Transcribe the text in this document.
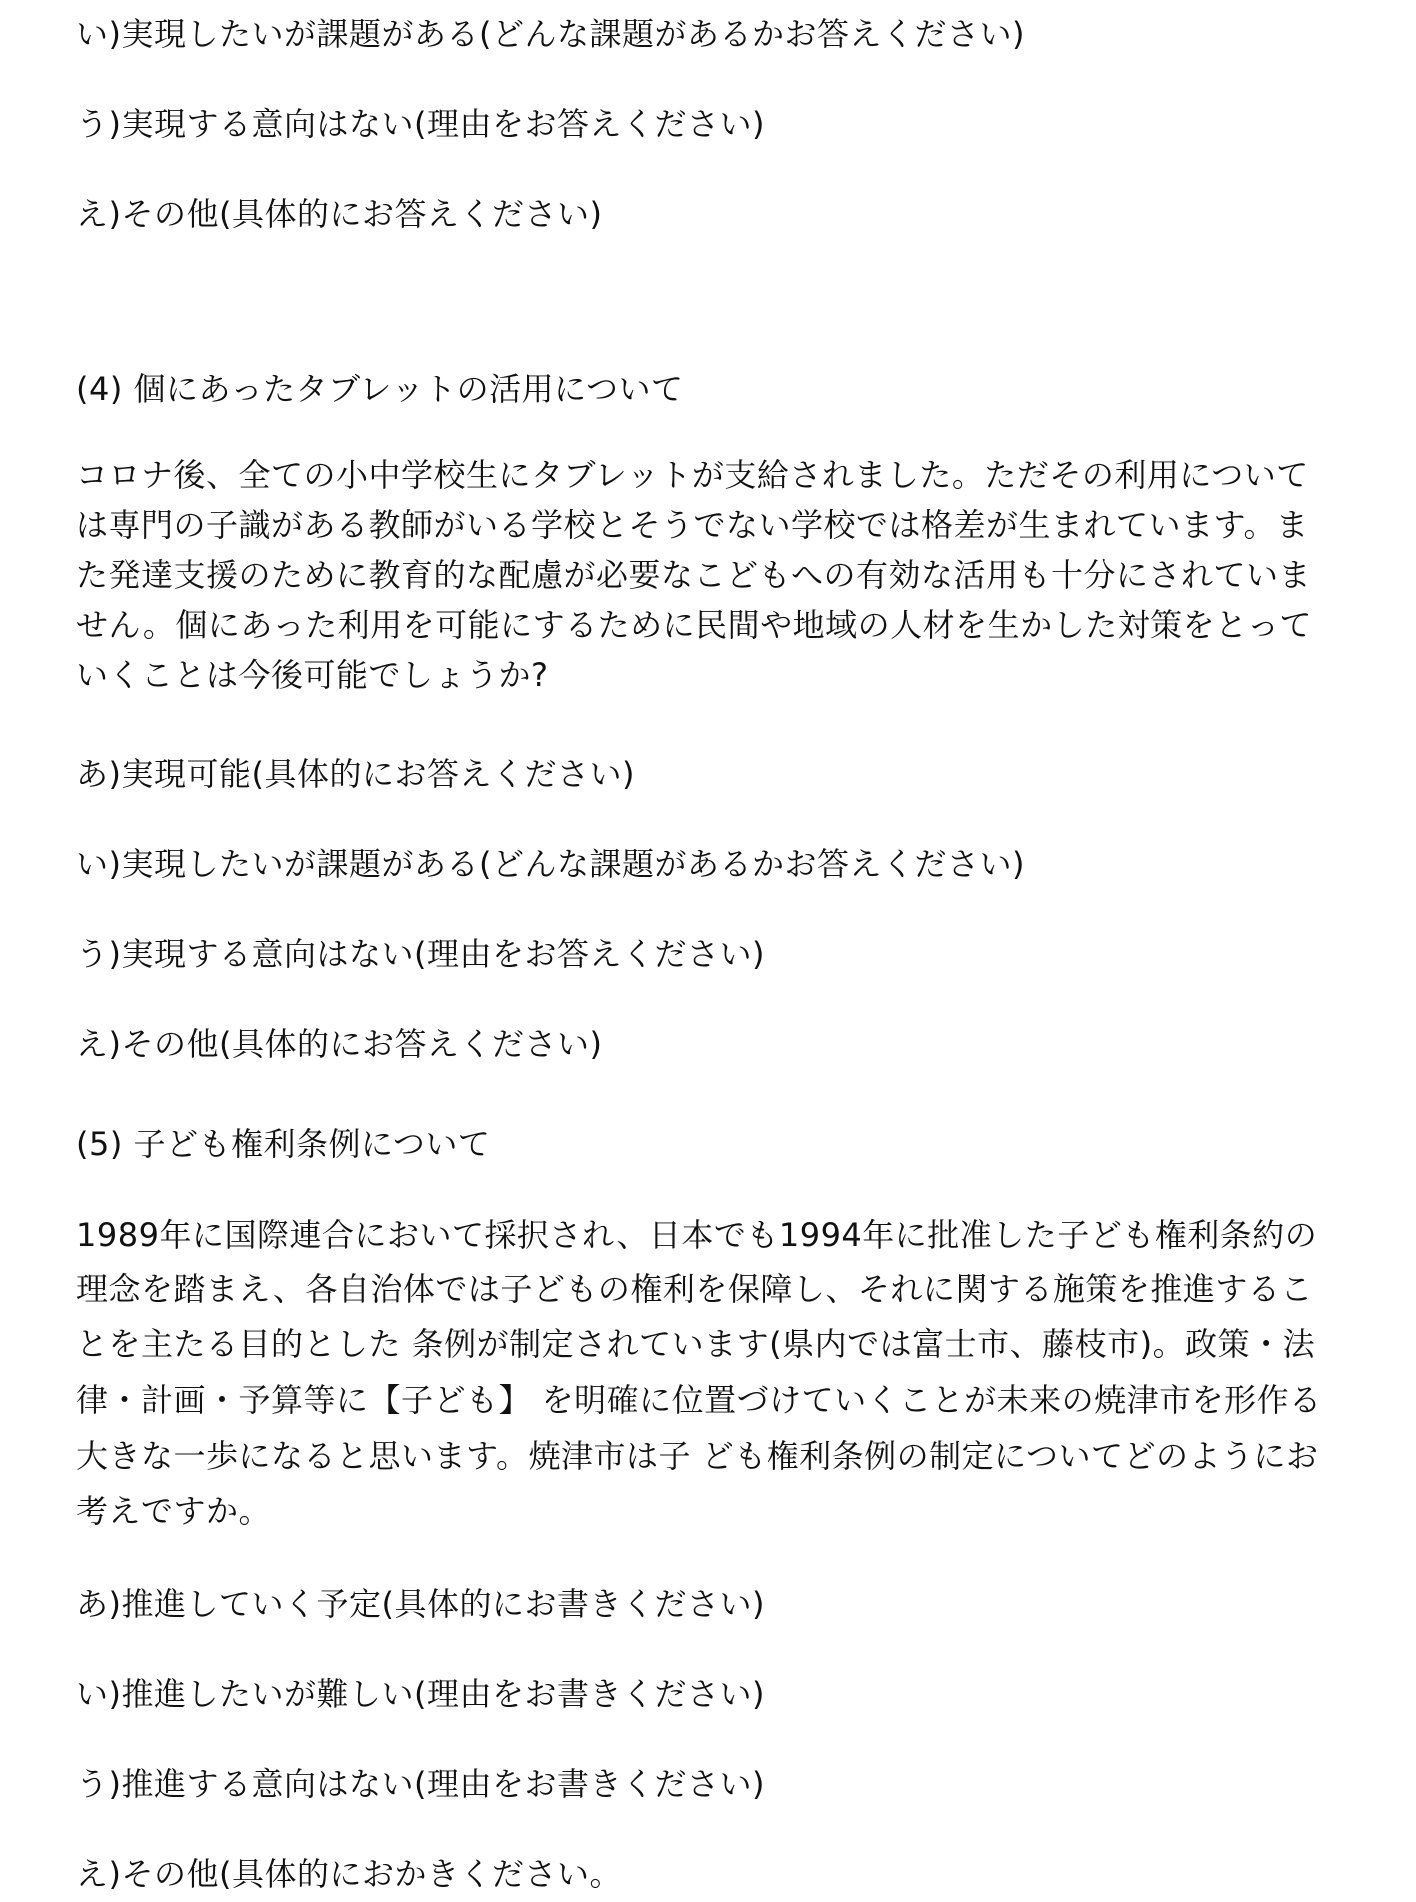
い)実現したいが課題がある(どんな課題があるかお答えください)
う)実現する意向はない(理由をお答えください)
え)その他(具体的にお答えください)
(4) 個にあったタブレットの活用について
コロナ後、全ての小中学校生にタブレットが支給されました。ただその利用について
は専門の子識がある教師がいる学校とそうでない学校では格差が生まれています。ま
た発達支援のために教育的な配慮が必要なこどもへの有効な活用も十分にされていま
せん。個にあった利用を可能にするために民間や地域の人材を生かした対策をとって
いくことは今後可能でしょうか?
あ)実現可能(具体的にお答えください)
い)実現したいが課題がある(どんな課題があるかお答えください)
う)実現する意向はない(理由をお答えください)
え)その他(具体的にお答えください)
(5) 子ども権利条例について
1989年に国際連合において採択され、日本でも1994年に批准した子ども権利条約の
理念を踏まえ、各自治体では子どもの権利を保障し、それに関する施策を推進するこ
とを主たる目的とした 条例が制定されています(県内では富士市、藤枝市)。政策・法
律・計画・予算等に【子ども】 を明確に位置づけていくことが未来の焼津市を形作る
大きな一歩になると思います。焼津市は子 ども権利条例の制定についてどのようにお
考えですか。
あ)推進していく予定(具体的にお書きください)
い)推進したいが難しい(理由をお書きください)
う)推進する意向はない(理由をお書きください)
え)その他(具体的におかきください。
